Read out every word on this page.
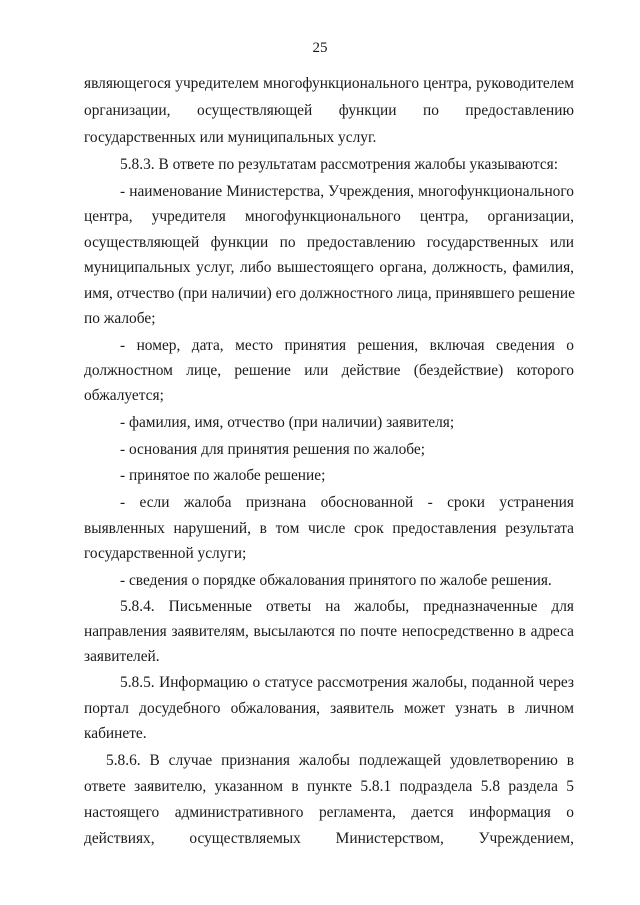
25
являющегося учредителем многофункционального центра, руководителем
организации, осуществляющей функции по предоставлению
государственных или муниципальных услуг.
5.8.3. В ответе по результатам рассмотрения жалобы указываются:
- наименование Министерства, Учреждения, многофункционального
центра, учредителя многофункционального центра, организации,
осуществляющей функции по предоставлению государственных или
муниципальных услуг, либо вышестоящего органа, должность, фамилия,
имя, отчество (при наличии) его должностного лица, принявшего решение
по жалобе;
- номер, дата, место принятия решения, включая сведения о
должностном лице, решение или действие (бездействие) которого
обжалуется;
- фамилия, имя, отчество (при наличии) заявителя;
- основания для принятия решения по жалобе;
- принятое по жалобе решение;
- если жалоба признана обоснованной - сроки устранения
выявленных нарушений, в том числе срок предоставления результата
государственной услуги;
- сведения о порядке обжалования принятого по жалобе решения.
5.8.4. Письменные ответы на жалобы, предназначенные для
направления заявителям, высылаются по почте непосредственно в адреса
заявителей.
5.8.5. Информацию о статусе рассмотрения жалобы, поданной через
портал досудебного обжалования, заявитель может узнать в личном
кабинете.
5.8.6. В случае признания жалобы подлежащей удовлетворению в
ответе заявителю, указанном в пункте 5.8.1 подраздела 5.8 раздела 5
настоящего административного регламента, дается информация о
действиях, осуществляемых Министерством, Учреждением,
